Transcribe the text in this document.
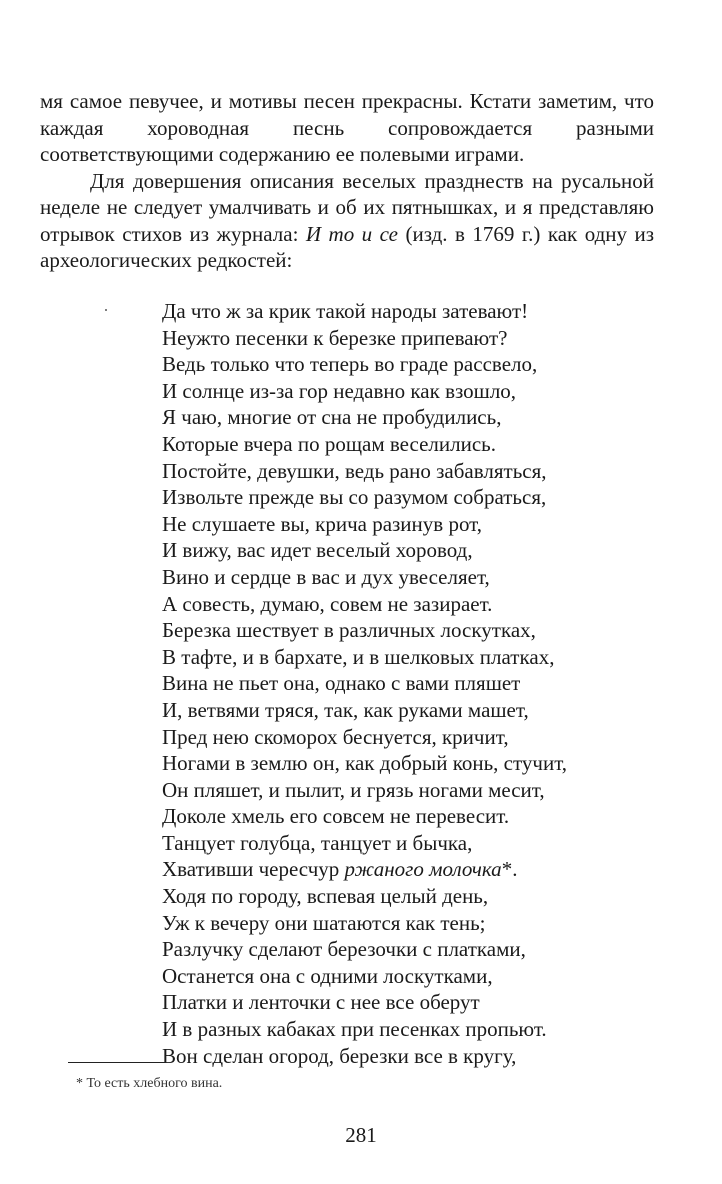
мя самое певучее, и мотивы песен прекрасны. Кстати заметим, что каждая хороводная песнь сопровождается разными соответствующими содержанию ее полевыми играми.

Для довершения описания веселых празднеств на русальной неделе не следует умалчивать и об их пятнышках, и я представляю отрывок стихов из журнала: И то и се (изд. в 1769 г.) как одну из археологических редкостей:

Да что ж за крик такой народы затевают!
Неужто песенки к березке припевают?
Ведь только что теперь во граде рассвело,
И солнце из-за гор недавно как взошло,
Я чаю, многие от сна не пробудились,
Которые вчера по рощам веселились.
Постойте, девушки, ведь рано забавляться,
Извольте прежде вы со разумом собраться,
Не слушаете вы, крича разинув рот,
И вижу, вас идет веселый хоровод,
Вино и сердце в вас и дух увеселяет,
А совесть, думаю, совем не зазирает.
Березка шествует в различных лоскутках,
В тафте, и в бархате, и в шелковых платках,
Вина не пьет она, однако с вами пляшет
И, ветвями тряся, так, как руками машет,
Пред нею скоморох беснуется, кричит,
Ногами в землю он, как добрый конь, стучит,
Он пляшет, и пылит, и грязь ногами месит,
Доколе хмель его совсем не перевесит.
Танцует голубца, танцует и бычка,
Хвативши чересчур ржаного молочка*.
Ходя по городу, вспевая целый день,
Уж к вечеру они шатаются как тень;
Разлучку сделают березочки с платками,
Останется она с одними лоскутками,
Платки и ленточки с нее все оберут
И в разных кабаках при песенках пропьют.
Вон сделан огород, березки все в кругу,
* То есть хлебного вина.
281
